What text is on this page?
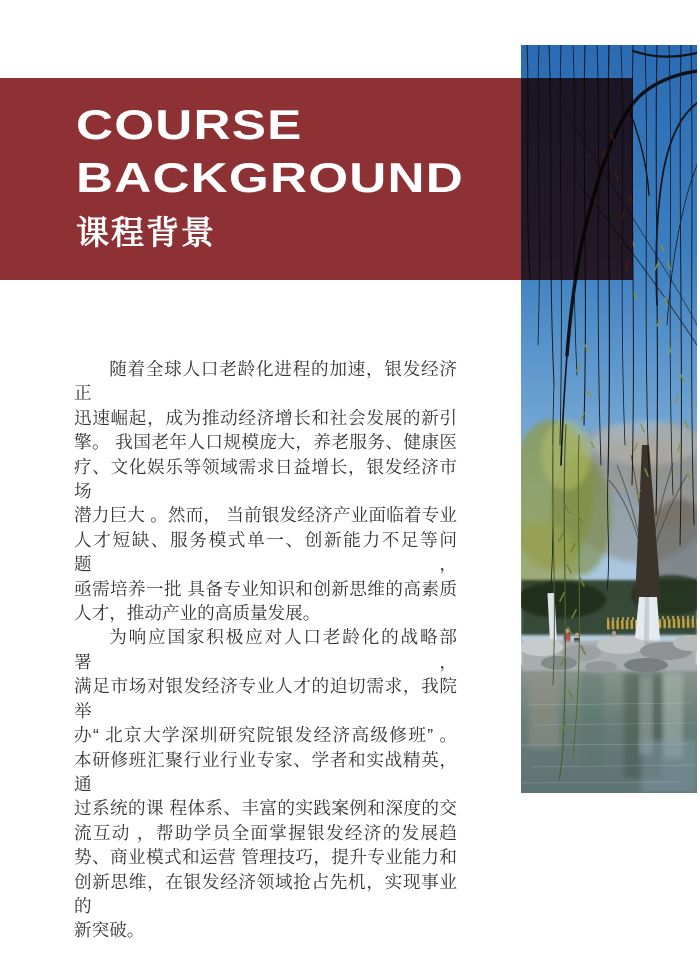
COURSE
BACKGROUND
课程背景
随着全球人口老龄化进程的加速，银发经济正
迅速崛起，成为推动经济增长和社会发展的新引
擎。 我国老年人口规模庞大，养老服务、健康医
疗、文化娱乐等领域需求日益增长，银发经济市场
潜力巨大 。然而， 当前银发经济产业面临着专业
人才短缺、服务模式单一、创新能力不足等问题，
亟需培养一批 具备专业知识和创新思维的高素质
人才，推动产业的高质量发展。
为响应国家积极应对人口老龄化的战略部署，
满足市场对银发经济专业人才的迫切需求，我院举
办“ 北京大学深圳研究院银发经济高级修班” 。
本研修班汇聚行业行业专家、学者和实战精英，通
过系统的课 程体系、丰富的实践案例和深度的交
流互动 ，帮助学员全面掌握银发经济的发展趋
势、商业模式和运营 管理技巧，提升专业能力和
创新思维，在银发经济领域抢占先机，实现事业的
新突破。
